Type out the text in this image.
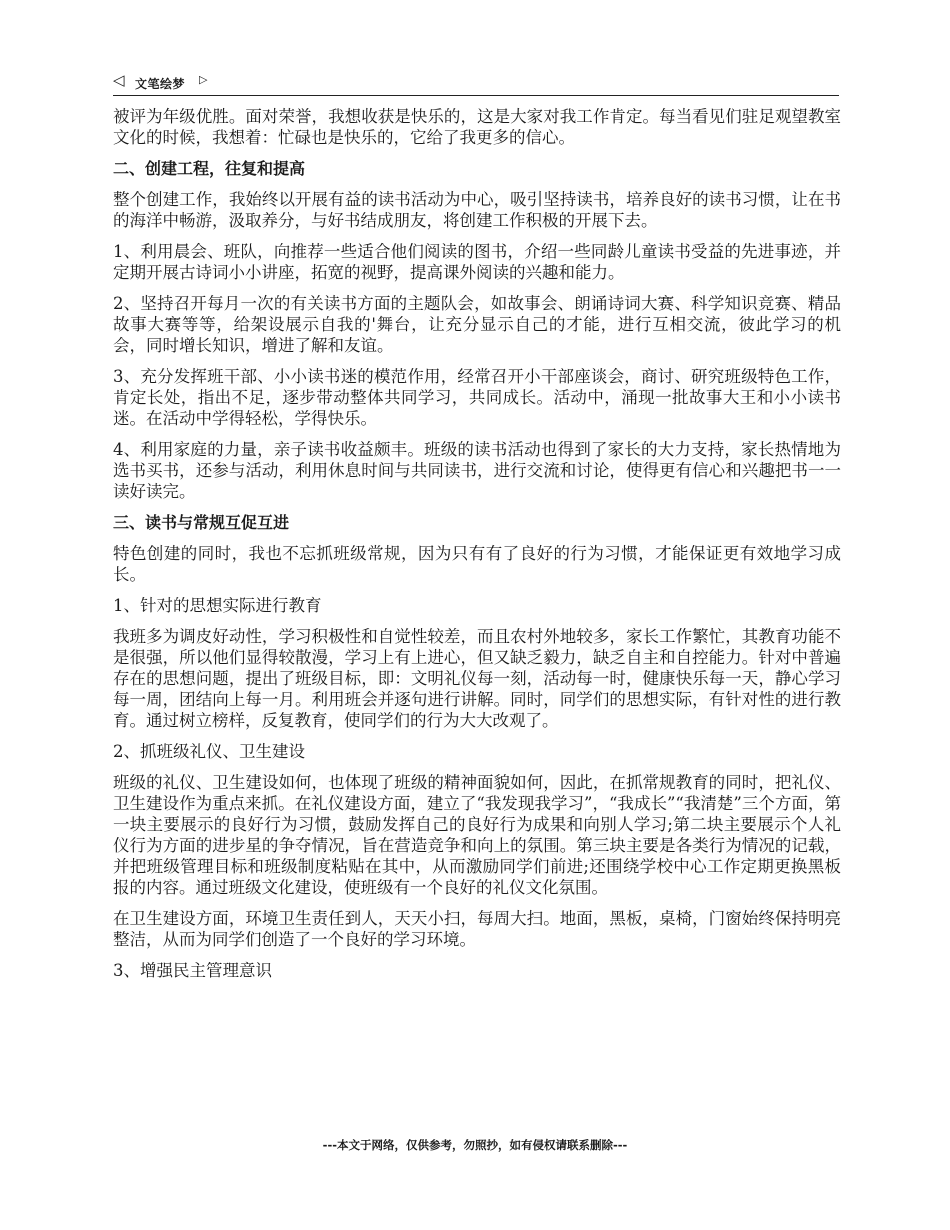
◁ 文笔绘梦 ▷

被评为年级优胜。面对荣誉，我想收获是快乐的，这是大家对我工作肯定。每当看见们驻足观望教室文化的时候，我想着：忙碌也是快乐的，它给了我更多的信心。

二、创建工程，往复和提高

整个创建工作，我始终以开展有益的读书活动为中心，吸引坚持读书，培养良好的读书习惯，让在书的海洋中畅游，汲取养分，与好书结成朋友，将创建工作积极的开展下去。

1、利用晨会、班队，向推荐一些适合他们阅读的图书，介绍一些同龄儿童读书受益的先进事迹，并定期开展古诗词小小讲座，拓宽的视野，提高课外阅读的兴趣和能力。

2、坚持召开每月一次的有关读书方面的主题队会，如故事会、朗诵诗词大赛、科学知识竞赛、精品故事大赛等等，给架设展示自我的'舞台，让充分显示自己的才能，进行互相交流，彼此学习的机会，同时增长知识，增进了解和友谊。

3、充分发挥班干部、小小读书迷的模范作用，经常召开小干部座谈会，商讨、研究班级特色工作，肯定长处，指出不足，逐步带动整体共同学习，共同成长。活动中，涌现一批故事大王和小小读书迷。在活动中学得轻松，学得快乐。

4、利用家庭的力量，亲子读书收益颇丰。班级的读书活动也得到了家长的大力支持，家长热情地为选书买书，还参与活动，利用休息时间与共同读书，进行交流和讨论，使得更有信心和兴趣把书一一读好读完。

三、读书与常规互促互进

特色创建的同时，我也不忘抓班级常规，因为只有有了良好的行为习惯，才能保证更有效地学习成长。

1、针对的思想实际进行教育

我班多为调皮好动性，学习积极性和自觉性较差，而且农村外地较多，家长工作繁忙，其教育功能不是很强，所以他们显得较散漫，学习上有上进心，但又缺乏毅力，缺乏自主和自控能力。针对中普遍存在的思想问题，提出了班级目标，即：文明礼仪每一刻，活动每一时，健康快乐每一天，静心学习每一周，团结向上每一月。利用班会并逐句进行讲解。同时，同学们的思想实际，有针对性的进行教育。通过树立榜样，反复教育，使同学们的行为大大改观了。

2、抓班级礼仪、卫生建设

班级的礼仪、卫生建设如何，也体现了班级的精神面貌如何，因此，在抓常规教育的同时，把礼仪、卫生建设作为重点来抓。在礼仪建设方面，建立了“我发现我学习”，“我成长”“我清楚”三个方面，第一块主要展示的良好行为习惯，鼓励发挥自己的良好行为成果和向别人学习;第二块主要展示个人礼仪行为方面的进步星的争夺情况，旨在营造竞争和向上的氛围。第三块主要是各类行为情况的记载，并把班级管理目标和班级制度粘贴在其中，从而激励同学们前进;还围绕学校中心工作定期更换黑板报的内容。通过班级文化建设，使班级有一个良好的礼仪文化氛围。

在卫生建设方面，环境卫生责任到人，天天小扫，每周大扫。地面，黑板，桌椅，门窗始终保持明亮整洁，从而为同学们创造了一个良好的学习环境。

3、增强民主管理意识

---本文于网络，仅供参考，勿照抄，如有侵权请联系删除---
